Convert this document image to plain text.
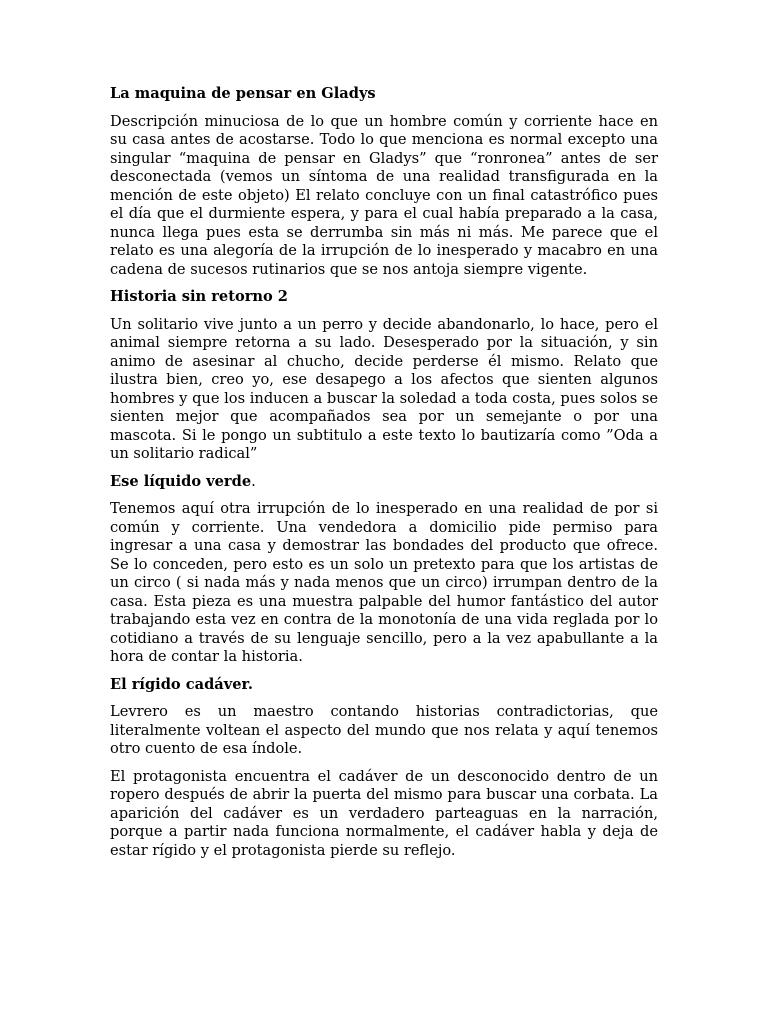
La maquina de pensar en Gladys

Descripción minuciosa de lo que un hombre común y corriente hace en su casa antes de acostarse. Todo lo que menciona es normal excepto una singular “maquina de pensar en Gladys” que “ronronea” antes de ser desconectada (vemos un síntoma de una realidad transfigurada en la mención de este objeto) El relato concluye con un final catastrófico pues el día que el durmiente espera, y para el cual había preparado a la casa, nunca llega pues esta se derrumba sin más ni más. Me parece que el relato es una alegoría de la irrupción de lo inesperado y macabro en una cadena de sucesos rutinarios que se nos antoja siempre vigente.

Historia sin retorno 2

Un solitario vive junto a un perro y decide abandonarlo, lo hace, pero el animal siempre retorna a su lado. Desesperado por la situación, y sin animo de asesinar al chucho, decide perderse él mismo. Relato que ilustra bien, creo yo, ese desapego a los afectos que sienten algunos hombres y que los inducen a buscar la soledad a toda costa, pues solos se sienten mejor que acompañados sea por un semejante o por una mascota. Si le pongo un subtitulo a este texto lo bautizaría como ”Oda a un solitario radical”

Ese líquido verde.

Tenemos aquí otra irrupción de lo inesperado en una realidad de por si común y corriente. Una vendedora a domicilio pide permiso para ingresar a una casa y demostrar las bondades del producto que ofrece. Se lo conceden, pero esto es un solo un pretexto para que los artistas de un circo ( si nada más y nada menos que un circo) irrumpan dentro de la casa. Esta pieza es una muestra palpable del humor fantástico del autor trabajando esta vez en contra de la monotonía de una vida reglada por lo cotidiano a través de su lenguaje sencillo, pero a la vez apabullante a la hora de contar la historia.

El rígido cadáver.

Levrero es un maestro contando historias contradictorias, que literalmente voltean el aspecto del mundo que nos relata y aquí tenemos otro cuento de esa índole.

El protagonista encuentra el cadáver de un desconocido dentro de un ropero después de abrir la puerta del mismo para buscar una corbata. La aparición del cadáver es un verdadero parteaguas en la narración, porque a partir nada funciona normalmente, el cadáver habla y deja de estar rígido y el protagonista pierde su reflejo.
